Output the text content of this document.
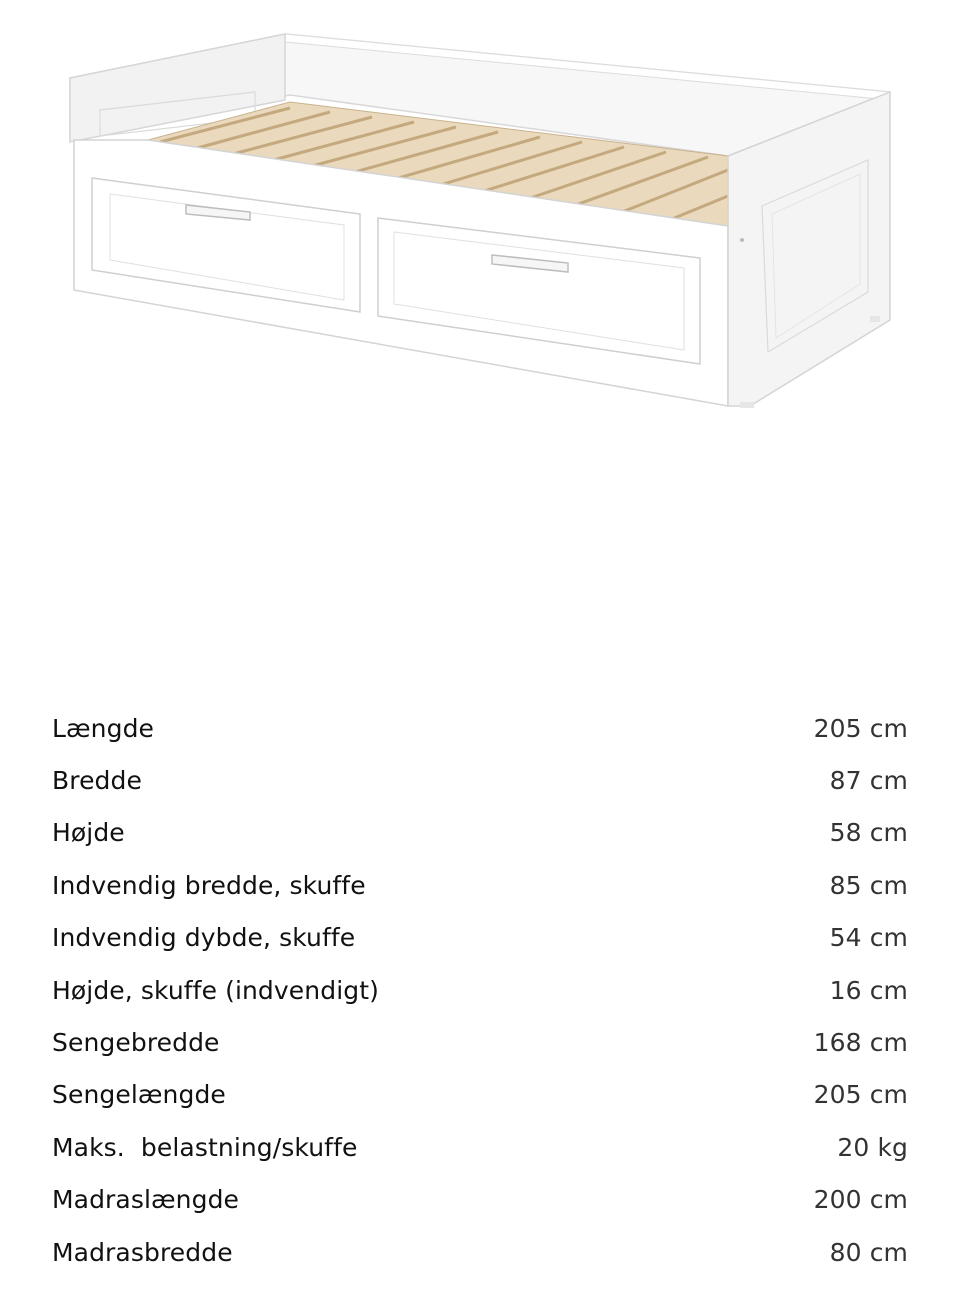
Længde	205 cm
Bredde	87 cm
Højde	58 cm
Indvendig bredde, skuffe	85 cm
Indvendig dybde, skuffe	54 cm
Højde, skuffe (indvendigt)	16 cm
Sengebredde	168 cm
Sengelængde	205 cm
Maks.  belastning/skuffe	20 kg
Madraslængde	200 cm
Madrasbredde	80 cm
